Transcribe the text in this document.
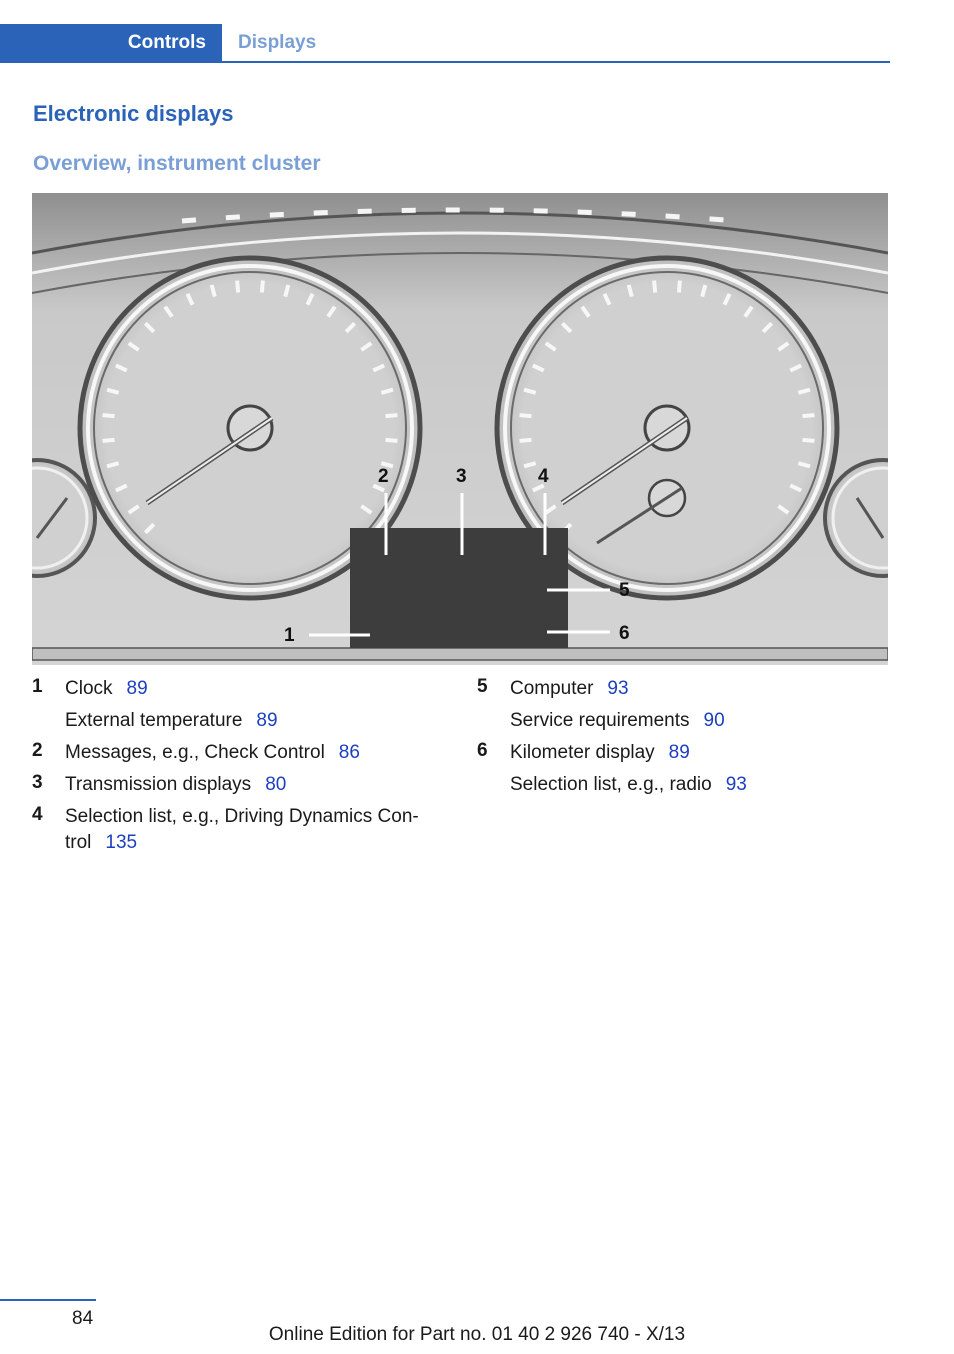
Controls	Displays
Electronic displays
Overview, instrument cluster
1
2	3	4
5
6
1 Clock 89
External temperature 89
2 Messages, e.g., Check Control 86
3 Transmission displays 80
4 Selection list, e.g., Driving Dynamics Con-
trol 135
5 Computer 93
Service requirements 90
6 Kilometer display 89
Selection list, e.g., radio 93
84
Online Edition for Part no. 01 40 2 926 740 - X/13
